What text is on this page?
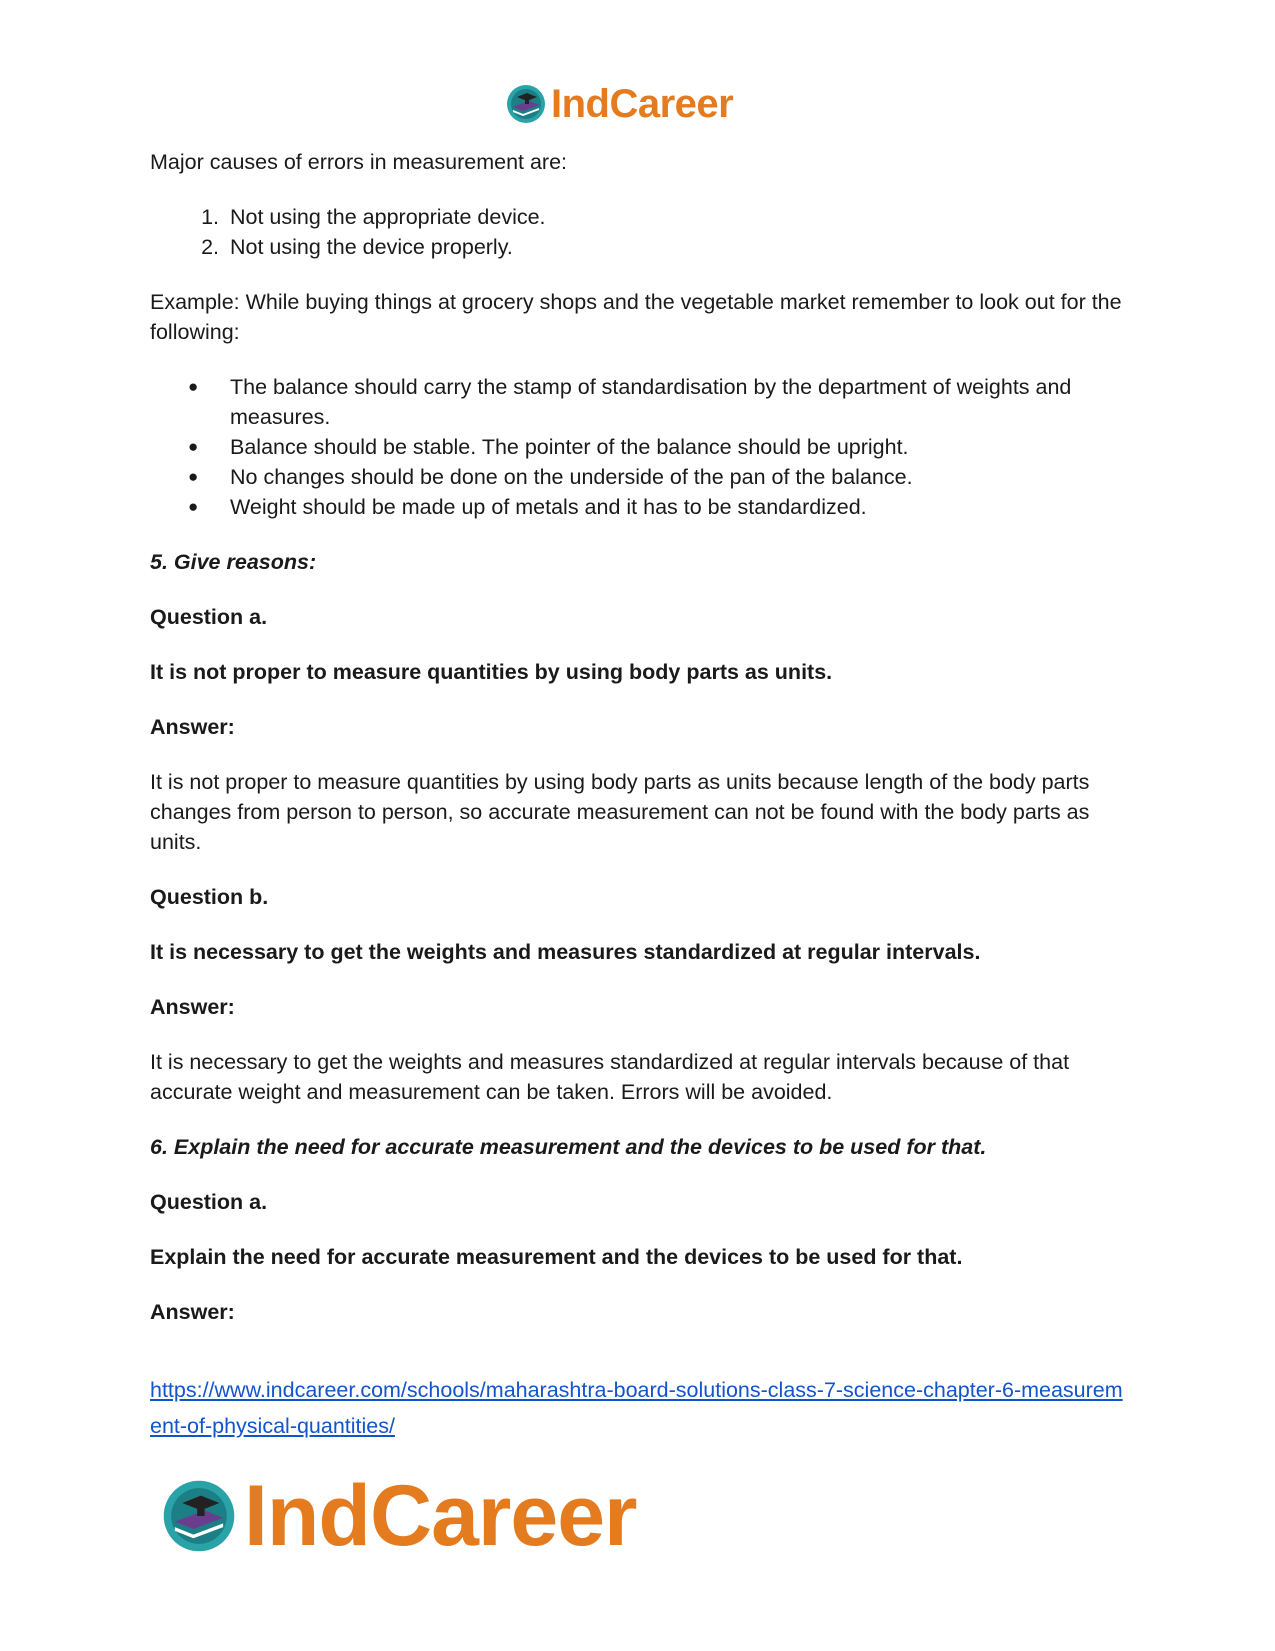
IndCareer

Major causes of errors in measurement are:

1. Not using the appropriate device.
2. Not using the device properly.

Example: While buying things at grocery shops and the vegetable market remember to look out for the following:

● The balance should carry the stamp of standardisation by the department of weights and measures.
● Balance should be stable. The pointer of the balance should be upright.
● No changes should be done on the underside of the pan of the balance.
● Weight should be made up of metals and it has to be standardized.

5. Give reasons:

Question a.

It is not proper to measure quantities by using body parts as units.

Answer:

It is not proper to measure quantities by using body parts as units because length of the body parts changes from person to person, so accurate measurement can not be found with the body parts as units.

Question b.

It is necessary to get the weights and measures standardized at regular intervals.

Answer:

It is necessary to get the weights and measures standardized at regular intervals because of that accurate weight and measurement can be taken. Errors will be avoided.

6. Explain the need for accurate measurement and the devices to be used for that.

Question a.

Explain the need for accurate measurement and the devices to be used for that.

Answer:

https://www.indcareer.com/schools/maharashtra-board-solutions-class-7-science-chapter-6-measurement-of-physical-quantities/

IndCareer
